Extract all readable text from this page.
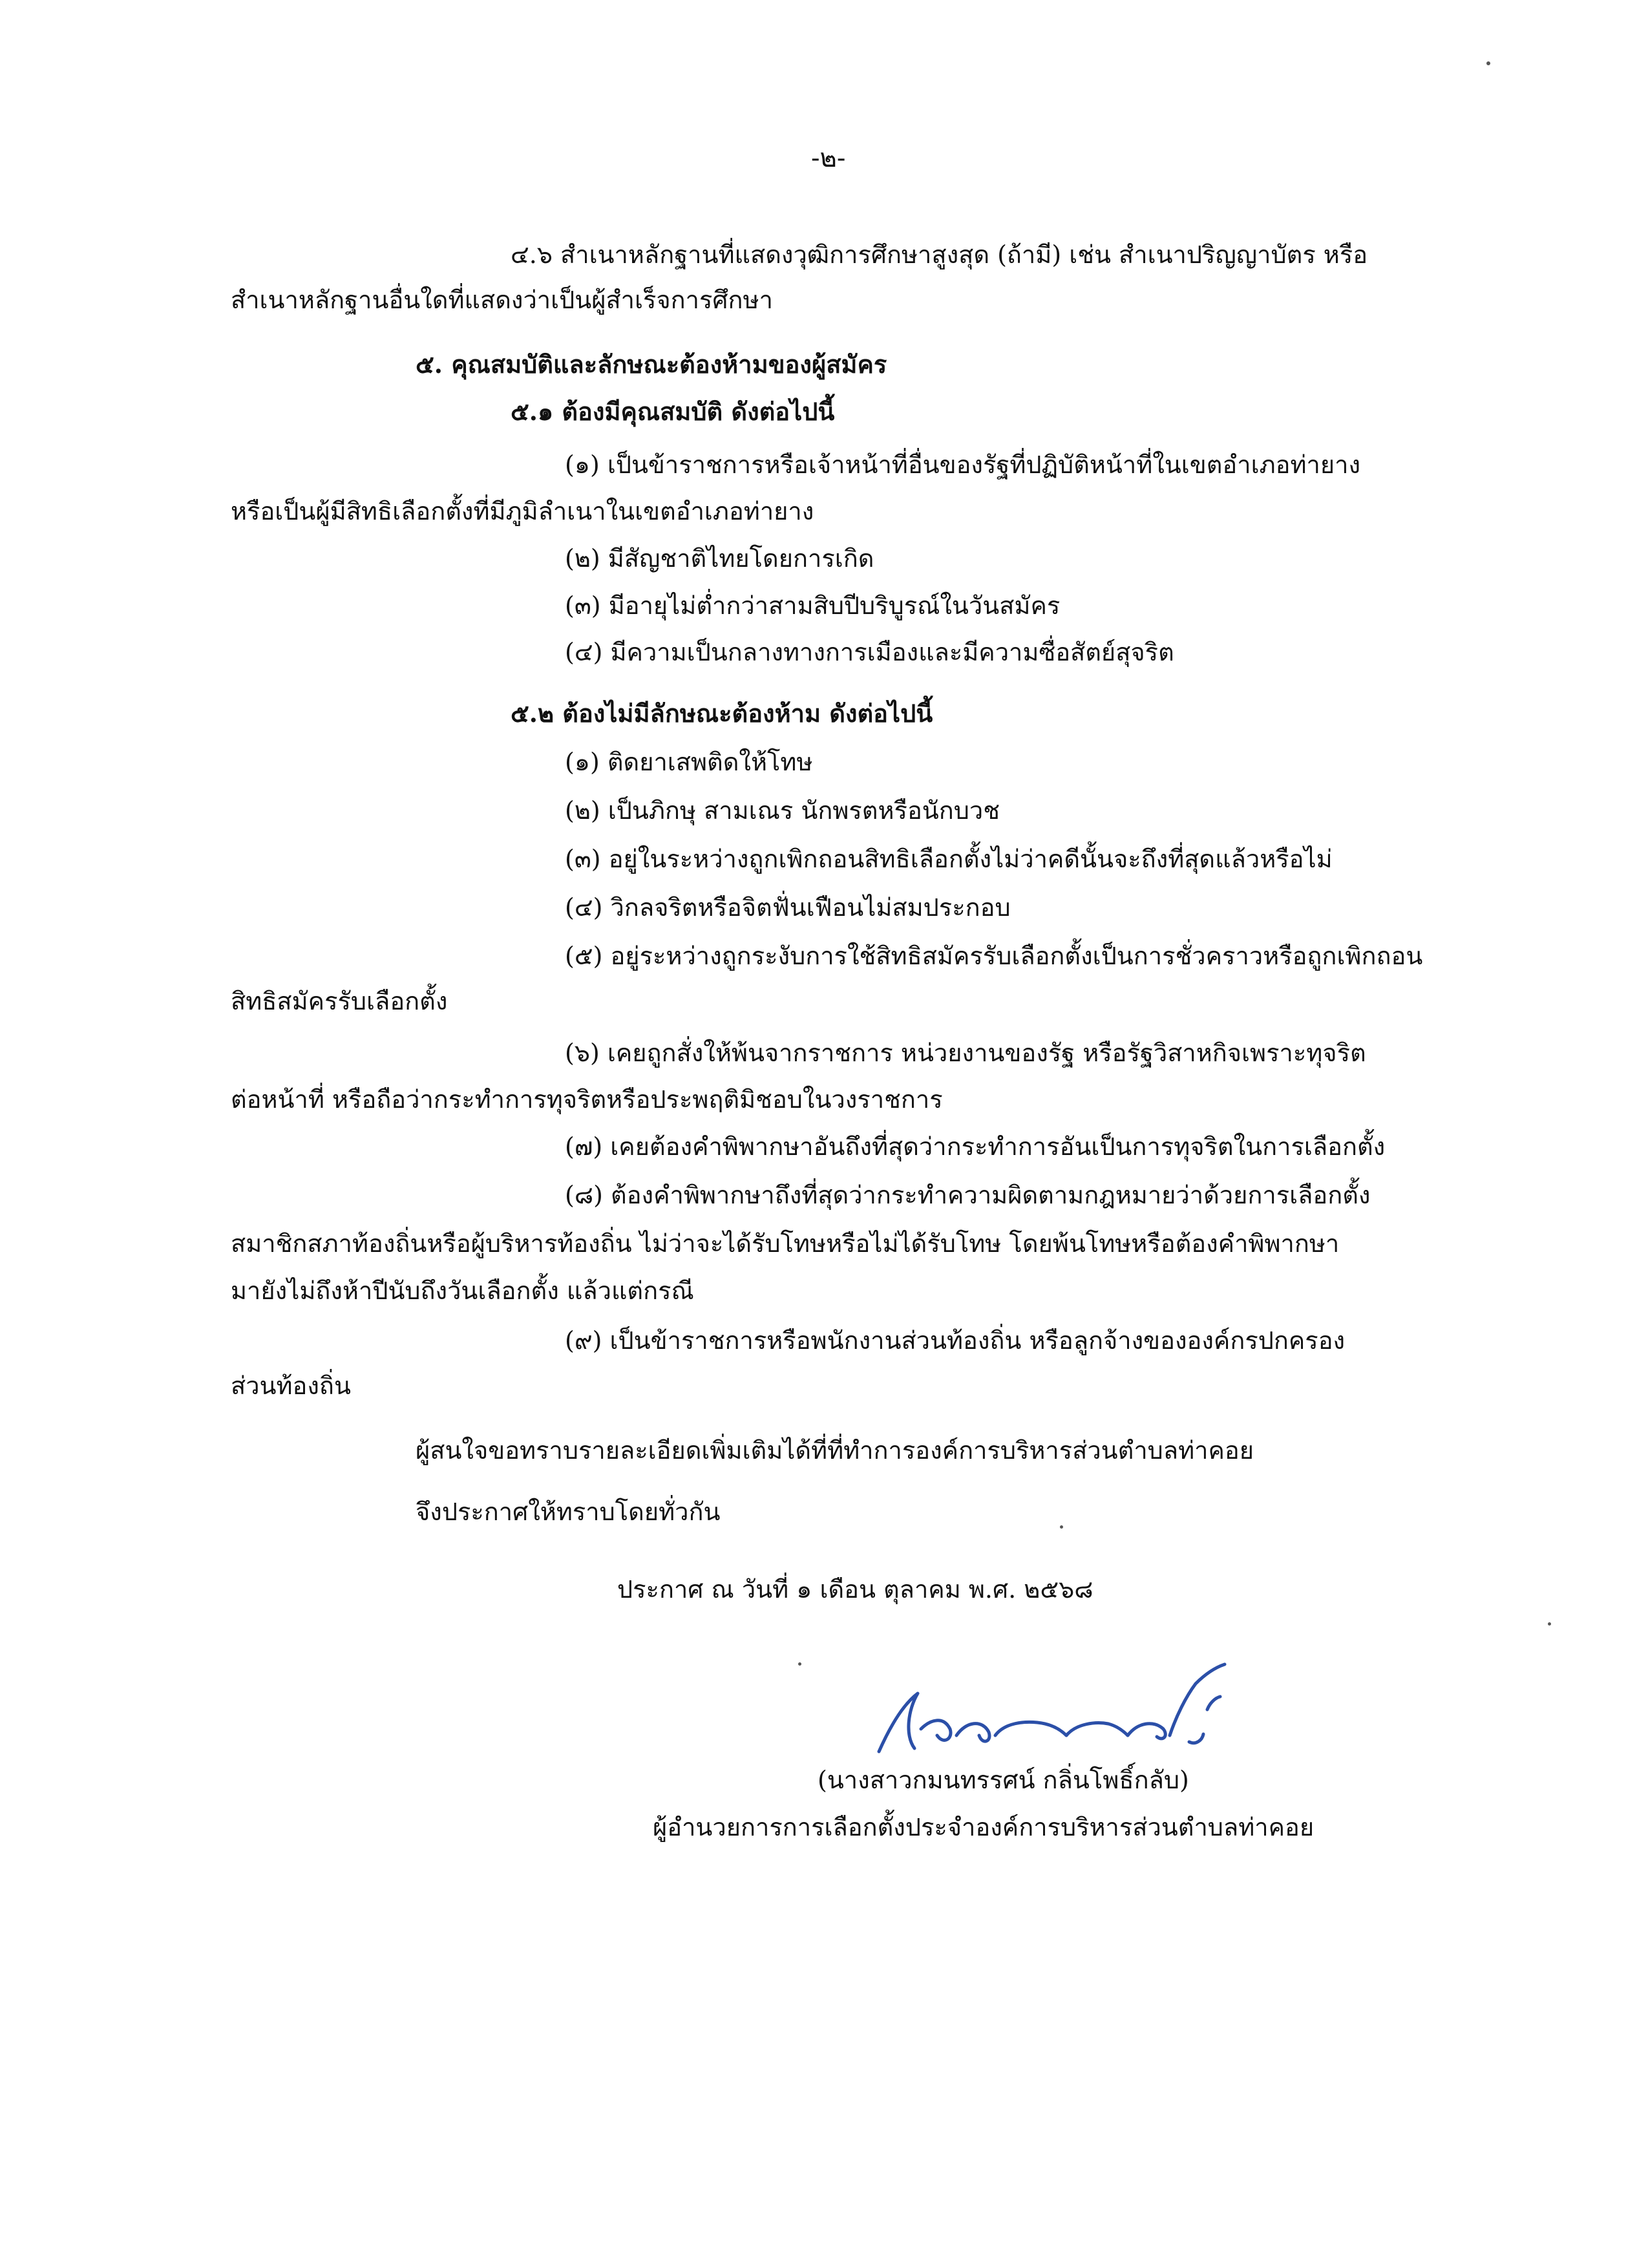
-๒-
๔.๖ สำเนาหลักฐานที่แสดงวุฒิการศึกษาสูงสุด (ถ้ามี) เช่น สำเนาปริญญาบัตร หรือ
สำเนาหลักฐานอื่นใดที่แสดงว่าเป็นผู้สำเร็จการศึกษา
๕. คุณสมบัติและลักษณะต้องห้ามของผู้สมัคร
๕.๑ ต้องมีคุณสมบัติ ดังต่อไปนี้
(๑) เป็นข้าราชการหรือเจ้าหน้าที่อื่นของรัฐที่ปฏิบัติหน้าที่ในเขตอำเภอท่ายาง
หรือเป็นผู้มีสิทธิเลือกตั้งที่มีภูมิลำเนาในเขตอำเภอท่ายาง
(๒) มีสัญชาติไทยโดยการเกิด
(๓) มีอายุไม่ต่ำกว่าสามสิบปีบริบูรณ์ในวันสมัคร
(๔) มีความเป็นกลางทางการเมืองและมีความซื่อสัตย์สุจริต
๕.๒ ต้องไม่มีลักษณะต้องห้าม ดังต่อไปนี้
(๑) ติดยาเสพติดให้โทษ
(๒) เป็นภิกษุ สามเณร นักพรตหรือนักบวช
(๓) อยู่ในระหว่างถูกเพิกถอนสิทธิเลือกตั้งไม่ว่าคดีนั้นจะถึงที่สุดแล้วหรือไม่
(๔) วิกลจริตหรือจิตฟั่นเฟือนไม่สมประกอบ
(๕) อยู่ระหว่างถูกระงับการใช้สิทธิสมัครรับเลือกตั้งเป็นการชั่วคราวหรือถูกเพิกถอน
สิทธิสมัครรับเลือกตั้ง
(๖) เคยถูกสั่งให้พ้นจากราชการ หน่วยงานของรัฐ หรือรัฐวิสาหกิจเพราะทุจริต
ต่อหน้าที่ หรือถือว่ากระทำการทุจริตหรือประพฤติมิชอบในวงราชการ
(๗) เคยต้องคำพิพากษาอันถึงที่สุดว่ากระทำการอันเป็นการทุจริตในการเลือกตั้ง
(๘) ต้องคำพิพากษาถึงที่สุดว่ากระทำความผิดตามกฎหมายว่าด้วยการเลือกตั้ง
สมาชิกสภาท้องถิ่นหรือผู้บริหารท้องถิ่น ไม่ว่าจะได้รับโทษหรือไม่ได้รับโทษ โดยพ้นโทษหรือต้องคำพิพากษา
มายังไม่ถึงห้าปีนับถึงวันเลือกตั้ง แล้วแต่กรณี
(๙) เป็นข้าราชการหรือพนักงานส่วนท้องถิ่น หรือลูกจ้างขององค์กรปกครอง
ส่วนท้องถิ่น
ผู้สนใจขอทราบรายละเอียดเพิ่มเติมได้ที่ที่ทำการองค์การบริหารส่วนตำบลท่าคอย
จึงประกาศให้ทราบโดยทั่วกัน
ประกาศ ณ วันที่ ๑ เดือน ตุลาคม พ.ศ. ๒๕๖๘
(นางสาวกมนทรรศน์ กลิ่นโพธิ์กลับ)
ผู้อำนวยการการเลือกตั้งประจำองค์การบริหารส่วนตำบลท่าคอย
